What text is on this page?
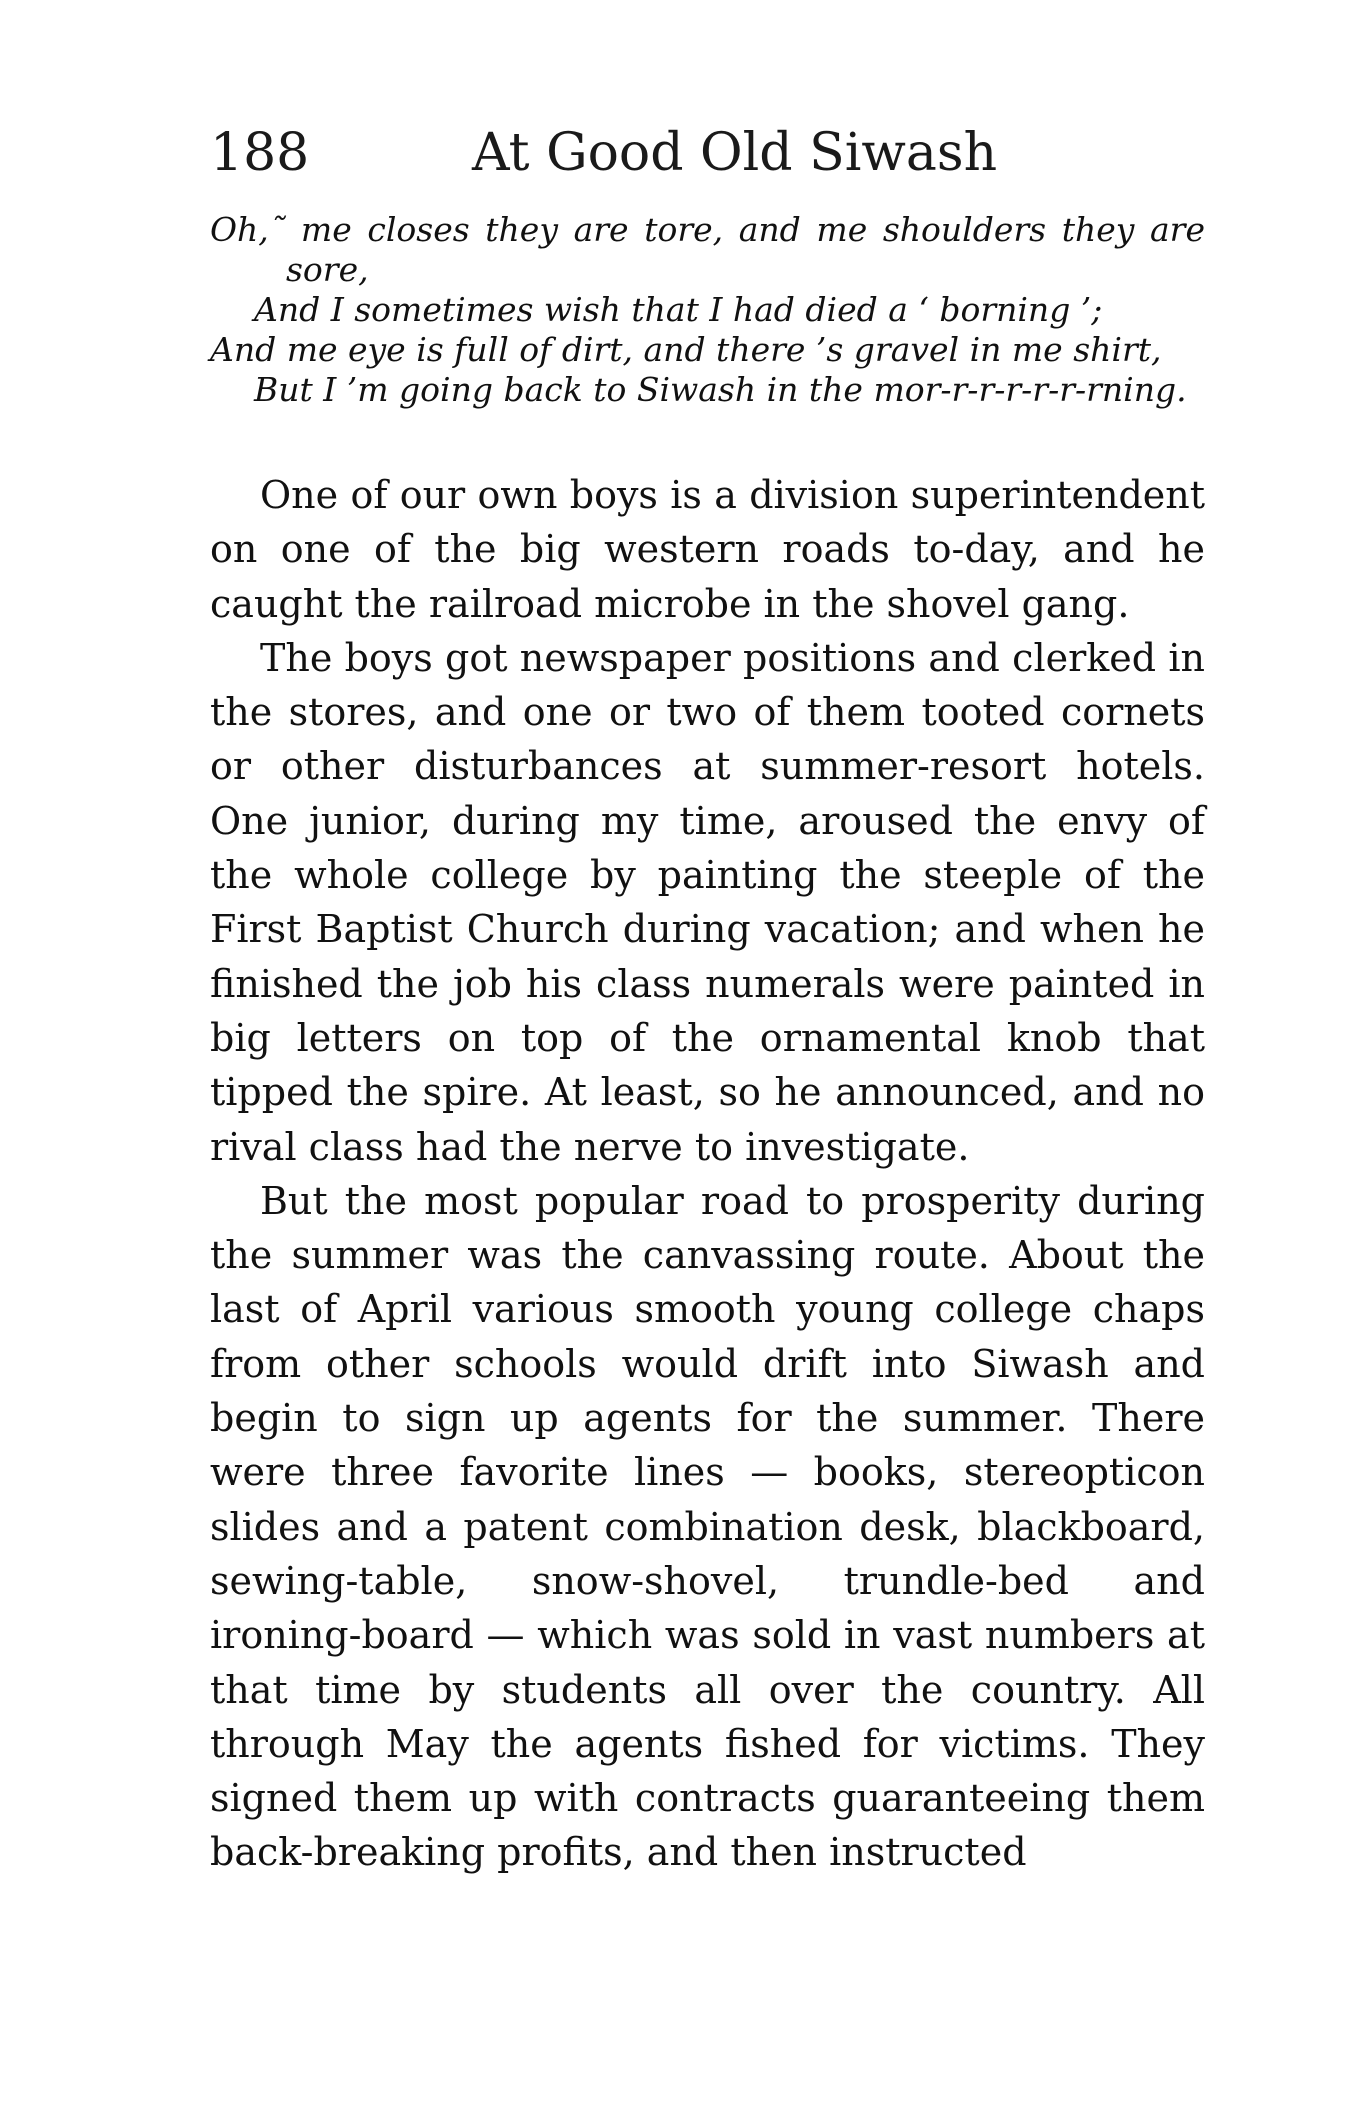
188	At Good Old Siwash
Oh,˜ me closes they are tore, and me shoulders they are
sore,
And I sometimes wish that I had died a ‘ borning ’;
And me eye is full of dirt, and there ’s gravel in me shirt,
But I ’m going back to Siwash in the mor-r-r-r-r-r-rning.

One of our own boys is a division superintendent on one of the big western roads to-day, and he caught the railroad microbe in the shovel gang.

The boys got newspaper positions and clerked in the stores, and one or two of them tooted cornets or other disturbances at summer-resort hotels. One junior, during my time, aroused the envy of the whole college by painting the steeple of the First Baptist Church during vacation; and when he finished the job his class numerals were painted in big letters on top of the ornamental knob that tipped the spire. At least, so he announced, and no rival class had the nerve to investigate.

But the most popular road to prosperity during the summer was the canvassing route. About the last of April various smooth young college chaps from other schools would drift into Siwash and begin to sign up agents for the summer. There were three favorite lines — books, stereopticon slides and a patent combination desk, blackboard, sewing-table, snow-shovel, trundle-bed and ironing-board — which was sold in vast numbers at that time by students all over the country. All through May the agents fished for victims. They signed them up with contracts guaranteeing them back-breaking profits, and then instructed
